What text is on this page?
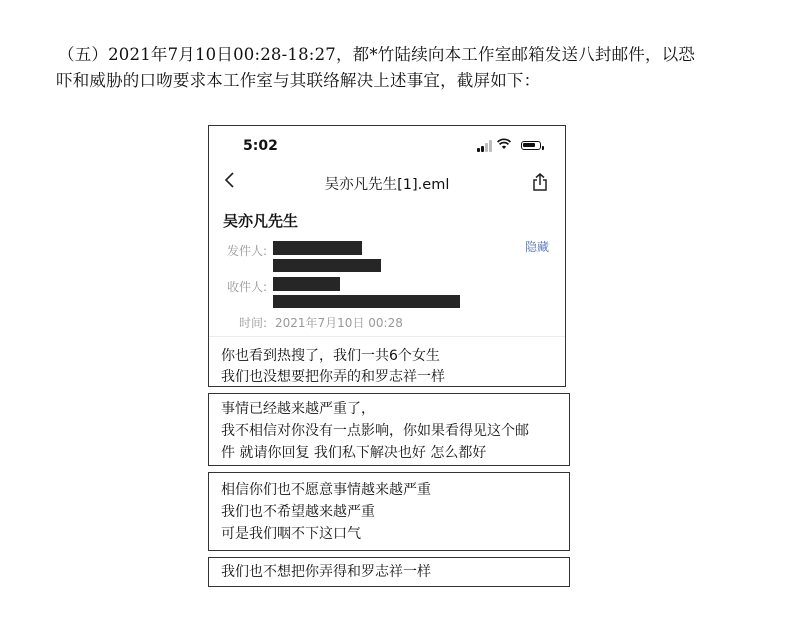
（五）2021年7月10日00:28-18:27，都*竹陆续向本工作室邮箱发送八封邮件，以恐
吓和威胁的口吻要求本工作室与其联络解决上述事宜，截屏如下：
5:02
吴亦凡先生[1].eml
吴亦凡先生
隐藏
发件人:
收件人:
时间: 2021年7月10日 00:28
你也看到热搜了，我们一共6个女生
我们也没想要把你弄的和罗志祥一样
事情已经越来越严重了，
我不相信对你没有一点影响，你如果看得见这个邮
件 就请你回复 我们私下解决也好 怎么都好
相信你们也不愿意事情越来越严重
我们也不希望越来越严重
可是我们咽不下这口气
我们也不想把你弄得和罗志祥一样
